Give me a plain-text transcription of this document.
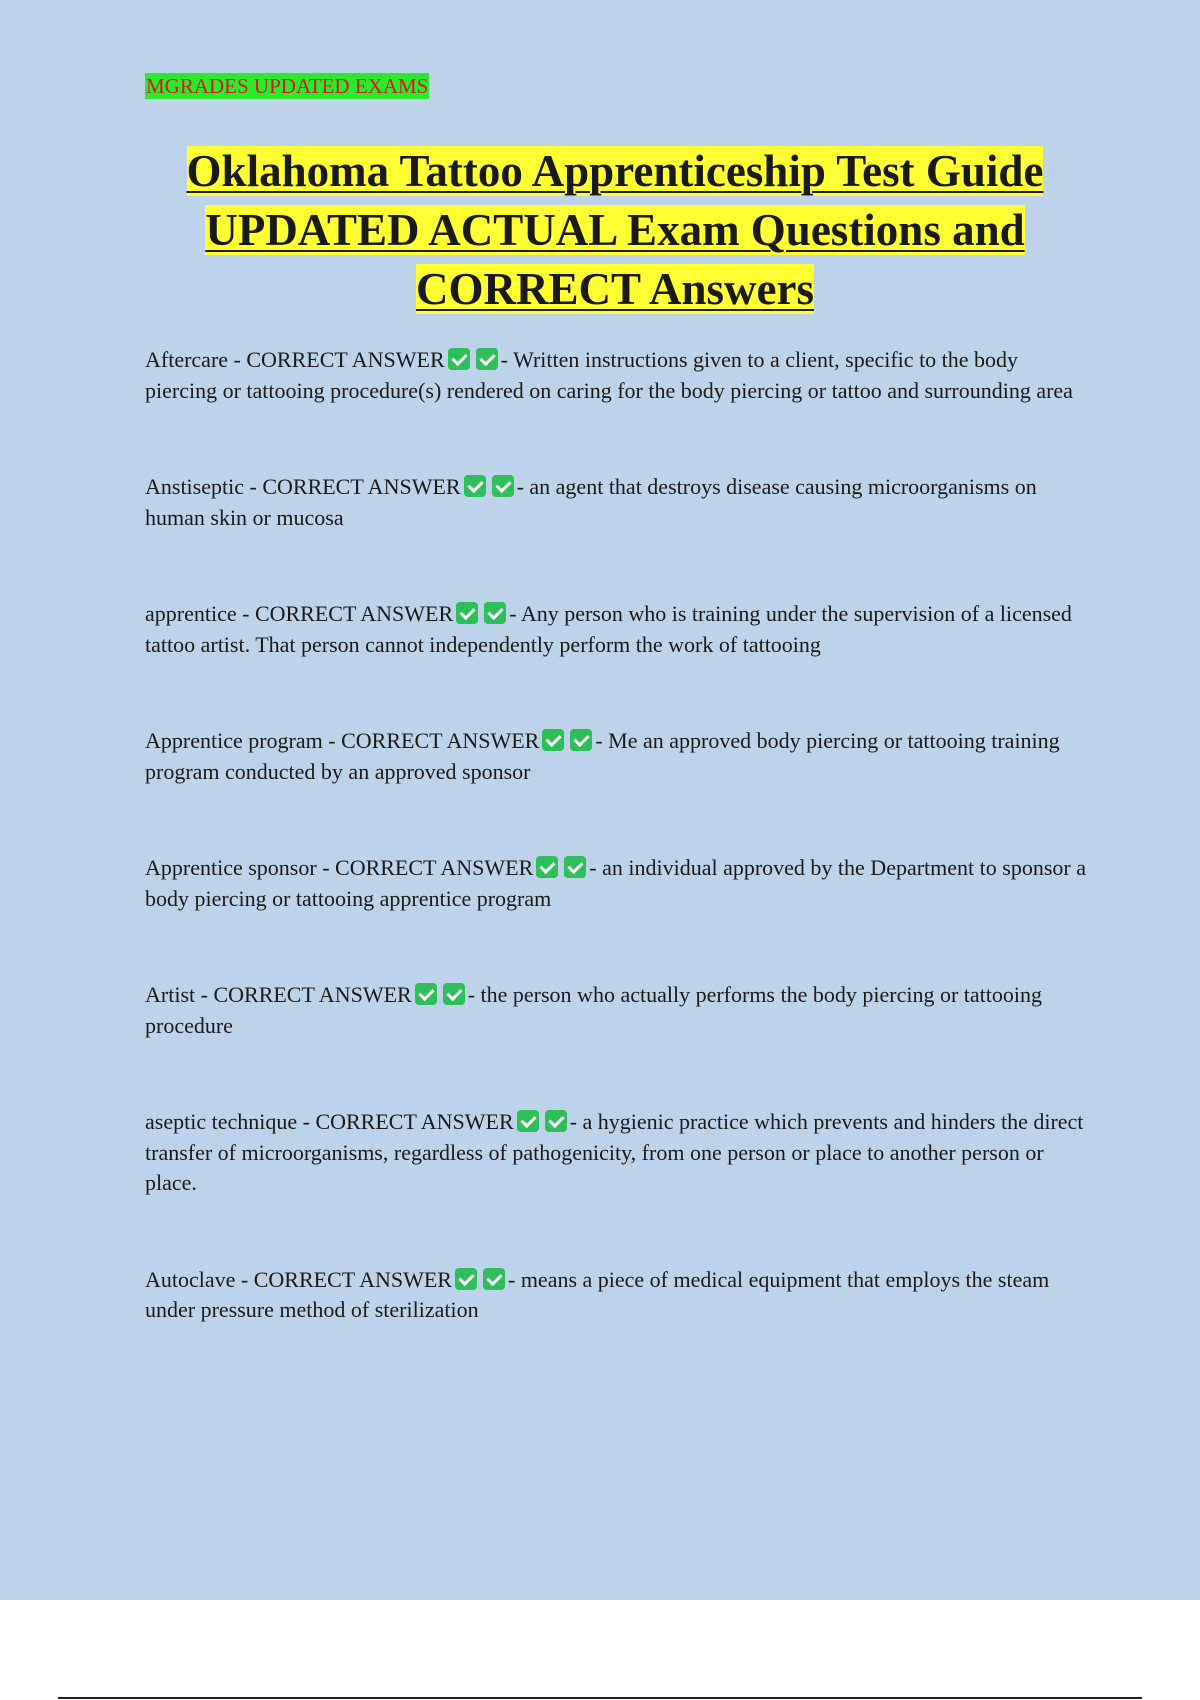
MGRADES UPDATED EXAMS
Oklahoma Tattoo Apprenticeship Test Guide
UPDATED ACTUAL Exam Questions and
CORRECT Answers

Aftercare - CORRECT ANSWER	- Written instructions given to a client, specific to the body piercing or tattooing procedure(s) rendered on caring for the body piercing or tattoo and surrounding area

Anstiseptic - CORRECT ANSWER	- an agent that destroys disease causing microorganisms on human skin or mucosa

apprentice - CORRECT ANSWER	- Any person who is training under the supervision of a licensed tattoo artist. That person cannot independently perform the work of tattooing

Apprentice program - CORRECT ANSWER	- Me an approved body piercing or tattooing training program conducted by an approved sponsor

Apprentice sponsor - CORRECT ANSWER	- an individual approved by the Department to sponsor a body piercing or tattooing apprentice program

Artist - CORRECT ANSWER	- the person who actually performs the body piercing or tattooing procedure

aseptic technique - CORRECT ANSWER	- a hygienic practice which prevents and hinders the direct transfer of microorganisms, regardless of pathogenicity, from one person or place to another person or place.

Autoclave - CORRECT ANSWER	- means a piece of medical equipment that employs the steam under pressure method of sterilization
